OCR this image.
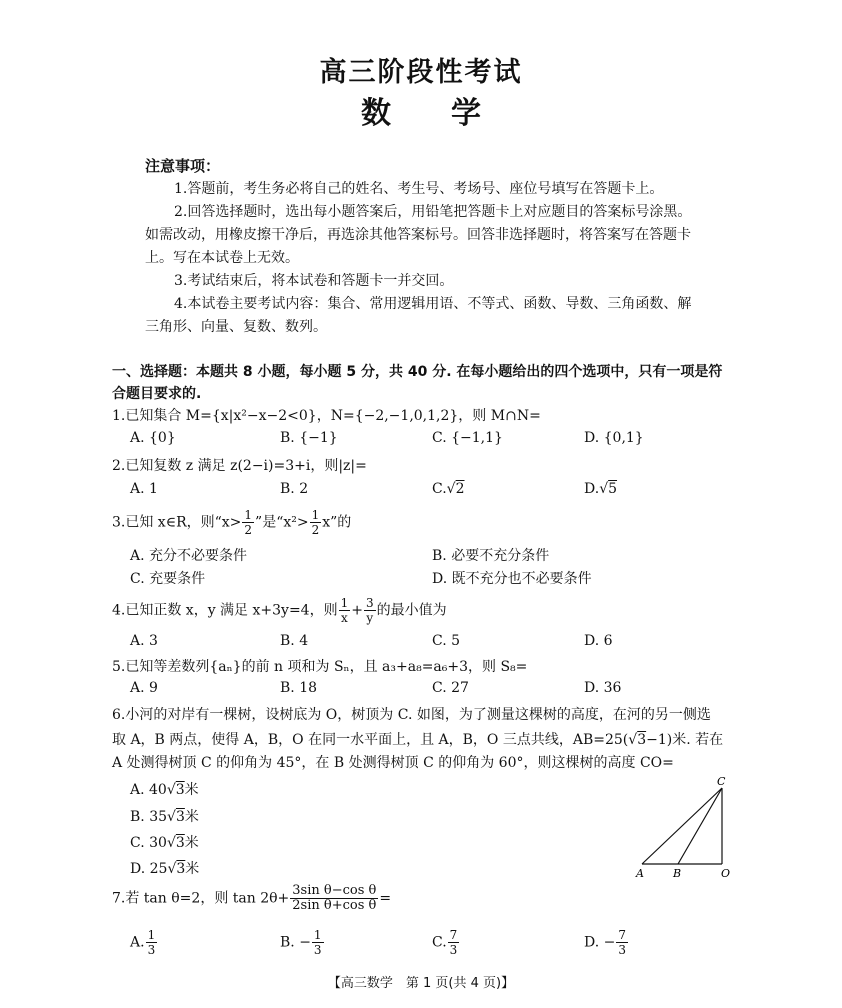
高三阶段性考试
数　　学
注意事项：

1.答题前，考生务必将自己的姓名、考生号、考场号、座位号填写在答题卡上。

2.回答选择题时，选出每小题答案后，用铅笔把答题卡上对应题目的答案标号涂黑。如需改动，用橡皮擦干净后，再选涂其他答案标号。回答非选择题时，将答案写在答题卡上。写在本试卷上无效。

3.考试结束后，将本试卷和答题卡一并交回。

4.本试卷主要考试内容：集合、常用逻辑用语、不等式、函数、导数、三角函数、解三角形、向量、复数、数列。

一、选择题：本题共 8 小题，每小题 5 分，共 40 分. 在每小题给出的四个选项中，只有一项是符合题目要求的.
1.已知集合 M={x|x²−x−2<0}，N={−2,−1,0,1,2}，则 M∩N=
A. {0}	B. {−1}	C. {−1,1}	D. {0,1}
2.已知复数 z 满足 z(2−i)=3+i，则|z|=
A. 1	B. 2	C.√2	D.√5
3.已知 x∈R，则“$x> \frac{1}{2}$ ”是“$x^2> \frac{1}{2} x$”的
A. 充分不必要条件	B. 必要不充分条件
C. 充要条件	D. 既不充分也不必要条件
4.已知正数 x，y 满足 x+3y=4，则 $\frac{1}{x} + \frac{3}{y}$ 的最小值为
A. 3	B. 4	C. 5	D. 6
5.已知等差数列{aₙ}的前 n 项和为 Sₙ，且 a₃+a₈=a₆+3，则 S₈=
A. 9	B. 18	C. 27	D. 36
6.小河的对岸有一棵树，设树底为 O，树顶为 C. 如图，为了测量这棵树的高度，在河的另一侧选
取 A，B 两点，使得 A，B，O 在同一水平面上，且 A，B，O 三点共线，AB=25(√3−1)米. 若在
A 处测得树顶 C 的仰角为 45°，在 B 处测得树顶 C 的仰角为 60°，则这棵树的高度 CO=
A. 40√3米
B. 35√3米
C. 30√3米
D. 25√3米
C
A	B	O
7.若 tan θ=2，则 $\tan 2\theta+ \frac{\text{3sin θ−cos θ}}{\text{2sin θ+cos θ}}$ =
A. $\frac{1}{3}$	B. − $\frac{1}{3}$	C. $\frac{7}{3}$	D. − $\frac{7}{3}$
【高三数学　第 1 页(共 4 页)】
